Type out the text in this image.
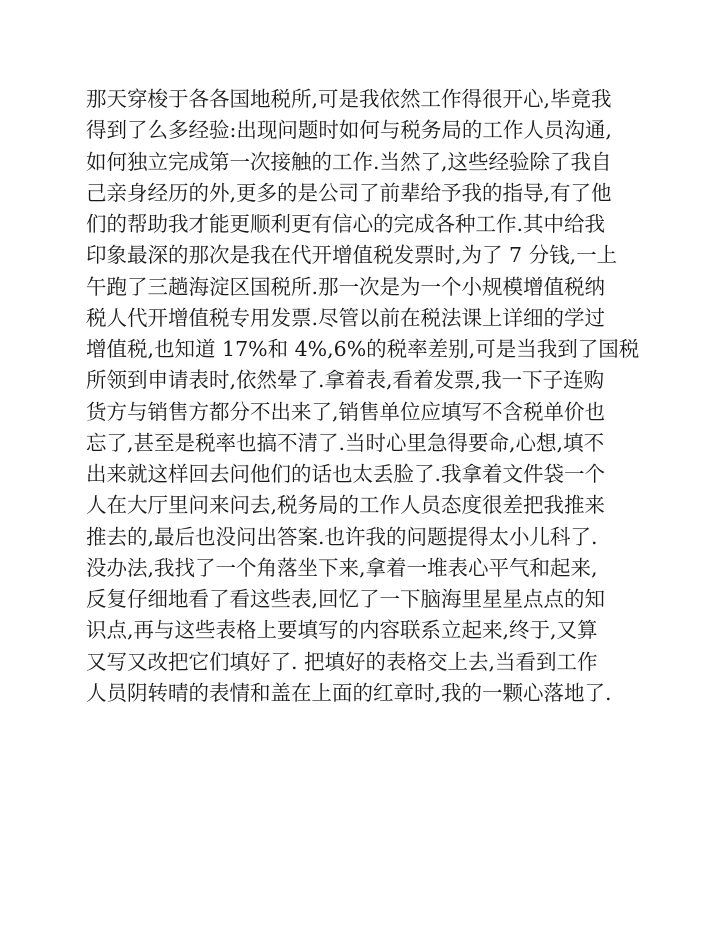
那天穿梭于各各国地税所,可是我依然工作得很开心,毕竟我
得到了么多经验:出现问题时如何与税务局的工作人员沟通,
如何独立完成第一次接触的工作.当然了,这些经验除了我自
己亲身经历的外,更多的是公司了前辈给予我的指导,有了他
们的帮助我才能更顺利更有信心的完成各种工作.其中给我
印象最深的那次是我在代开增值税发票时,为了 7 分钱,一上
午跑了三趟海淀区国税所.那一次是为一个小规模增值税纳
税人代开增值税专用发票.尽管以前在税法课上详细的学过
增值税,也知道 17%和 4%,6%的税率差别,可是当我到了国税
所领到申请表时,依然晕了.拿着表,看着发票,我一下子连购
货方与销售方都分不出来了,销售单位应填写不含税单价也
忘了,甚至是税率也搞不清了.当时心里急得要命,心想,填不
出来就这样回去问他们的话也太丢脸了.我拿着文件袋一个
人在大厅里问来问去,税务局的工作人员态度很差把我推来
推去的,最后也没问出答案.也许我的问题提得太小儿科了.
没办法,我找了一个角落坐下来,拿着一堆表心平气和起来,
反复仔细地看了看这些表,回忆了一下脑海里星星点点的知
识点,再与这些表格上要填写的内容联系立起来,终于,又算
又写又改把它们填好了. 把填好的表格交上去,当看到工作
人员阴转晴的表情和盖在上面的红章时,我的一颗心落地了.
